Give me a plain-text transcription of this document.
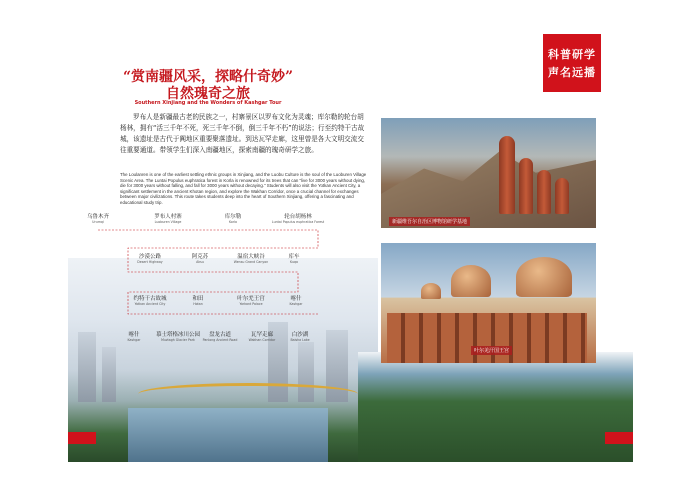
新疆维吾尔自治区博物馆研学基地
叶尔羌汗国王宫
科普研学
声名远播
“赏南疆风采，探略什奇妙”
自然瑰奇之旅
Southern Xinjiang and the Wonders of Kashgar Tour
罗布人是新疆最古老的民族之一，村寨景区以罗布文化为灵魂；库尔勒的轮台胡杨林，拥有“活三千年不死，死三千年不倒，倒三千年不朽”的说法；行至约特干古故城，该遗址是古代于阗地区重要聚落遗址。到达瓦罕走廊，这里曾是各大文明交流交往重要通道。带领学生们深入南疆地区，探索南疆的瑰奇研学之旅。
The Loulanren is one of the earliest settling ethnic groups in Xinjiang, and the Luobu Culture is the soul of the Luoburen Village Scenic Area. The Luntai Populus euphratica forest in Korla is renowned for its trees that can "live for 3000 years without dying, die for 3000 years without falling, and fall for 3000 years without decaying." Students will also visit the Yotkan Ancient City, a significant settlement in the ancient Khotan region, and explore the Wakhan Corridor, once a crucial channel for exchanges between major civilizations. This route takes students deep into the heart of Southern Xinjiang, offering a fascinating and educational study trip.
乌鲁木齐
Urumqi
罗布人村寨
Luoburen Village
库尔勒
Korla
轮台胡杨林
Luntai Populus euphratica Forest
沙漠公路
Desert Highway
阿克苏
Aksu
温宿大峡谷
Wensu Grand Canyon
库车
Kuqa
约特干古故城
Yotkan Ancient City
和田
Hotan
叶尔羌王宫
Yarkant Palace
喀什
Kashgar
喀什
Kashgar
慕士塔格冰川公园
Muztagh Glacier Park
盘龙古道
Panlong Ancient Road
瓦罕走廊
Wakhan Corridor
白沙湖
Baisha Lake
